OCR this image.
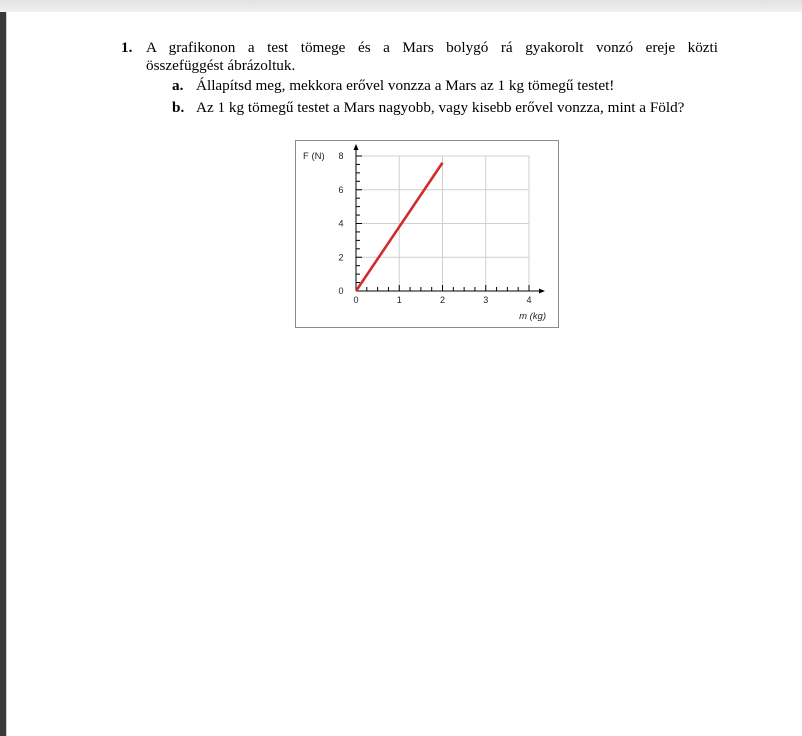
1. A grafikonon a test tömege és a Mars bolygó rá gyakorolt vonzó ereje közti
összefüggést ábrázoltuk.
a. Állapítsd meg, mekkora erővel vonzza a Mars az 1 kg tömegű testet!
b. Az 1 kg tömegű testet a Mars nagyobb, vagy kisebb erővel vonzza, mint a Föld?
0	1	2	3	4
0
2
4
6
8
F (N)
m (kg)
